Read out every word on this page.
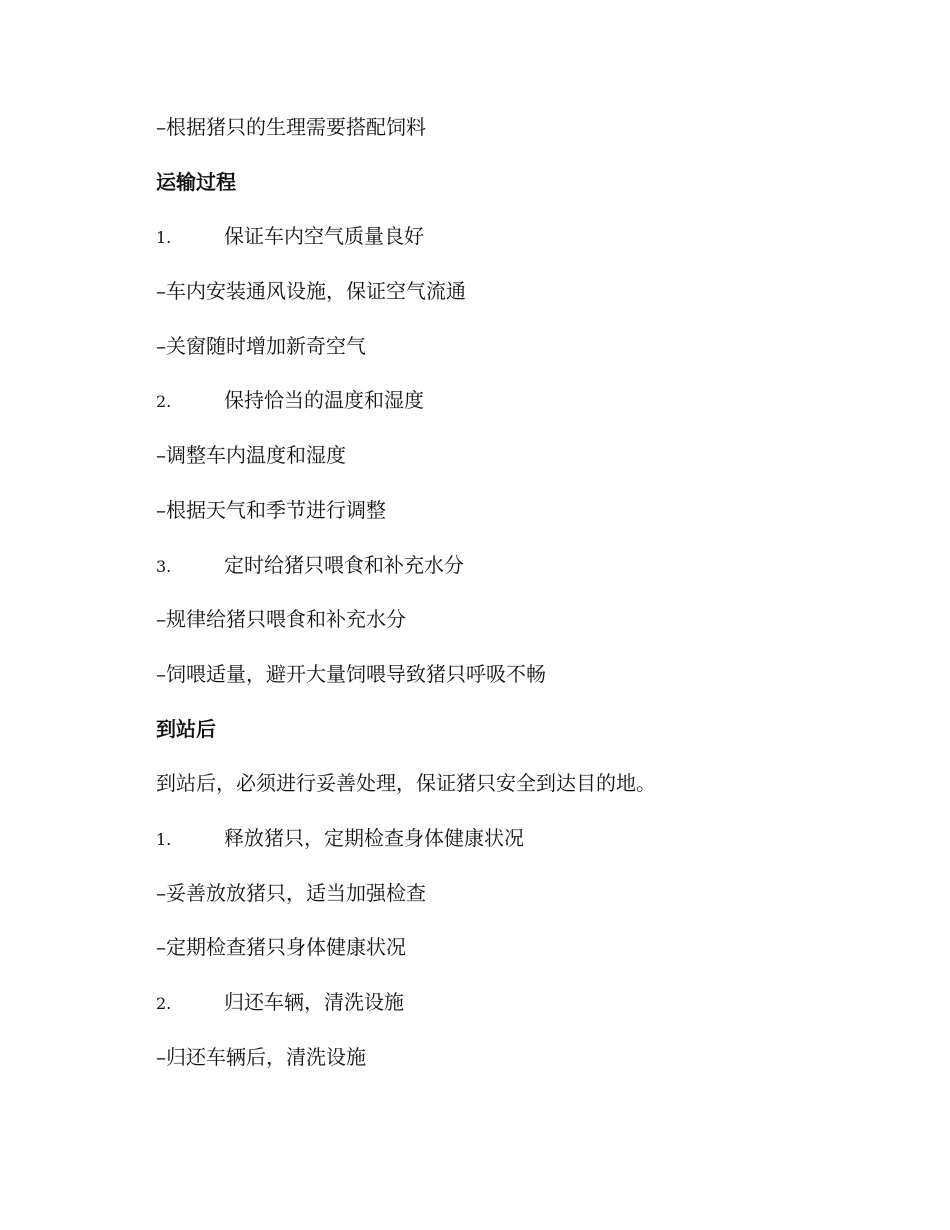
–根据猪只的生理需要搭配饲料
运输过程
1.	保证车内空气质量良好
–车内安装通风设施，保证空气流通
–关窗随时增加新奇空气
2.	保持恰当的温度和湿度
–调整车内温度和湿度
–根据天气和季节进行调整
3.	定时给猪只喂食和补充水分
–规律给猪只喂食和补充水分
–饲喂适量，避开大量饲喂导致猪只呼吸不畅
到站后
到站后，必须进行妥善处理，保证猪只安全到达目的地。
1.	释放猪只，定期检查身体健康状况
–妥善放放猪只，适当加强检查
–定期检查猪只身体健康状况
2.	归还车辆，清洗设施
–归还车辆后，清洗设施
